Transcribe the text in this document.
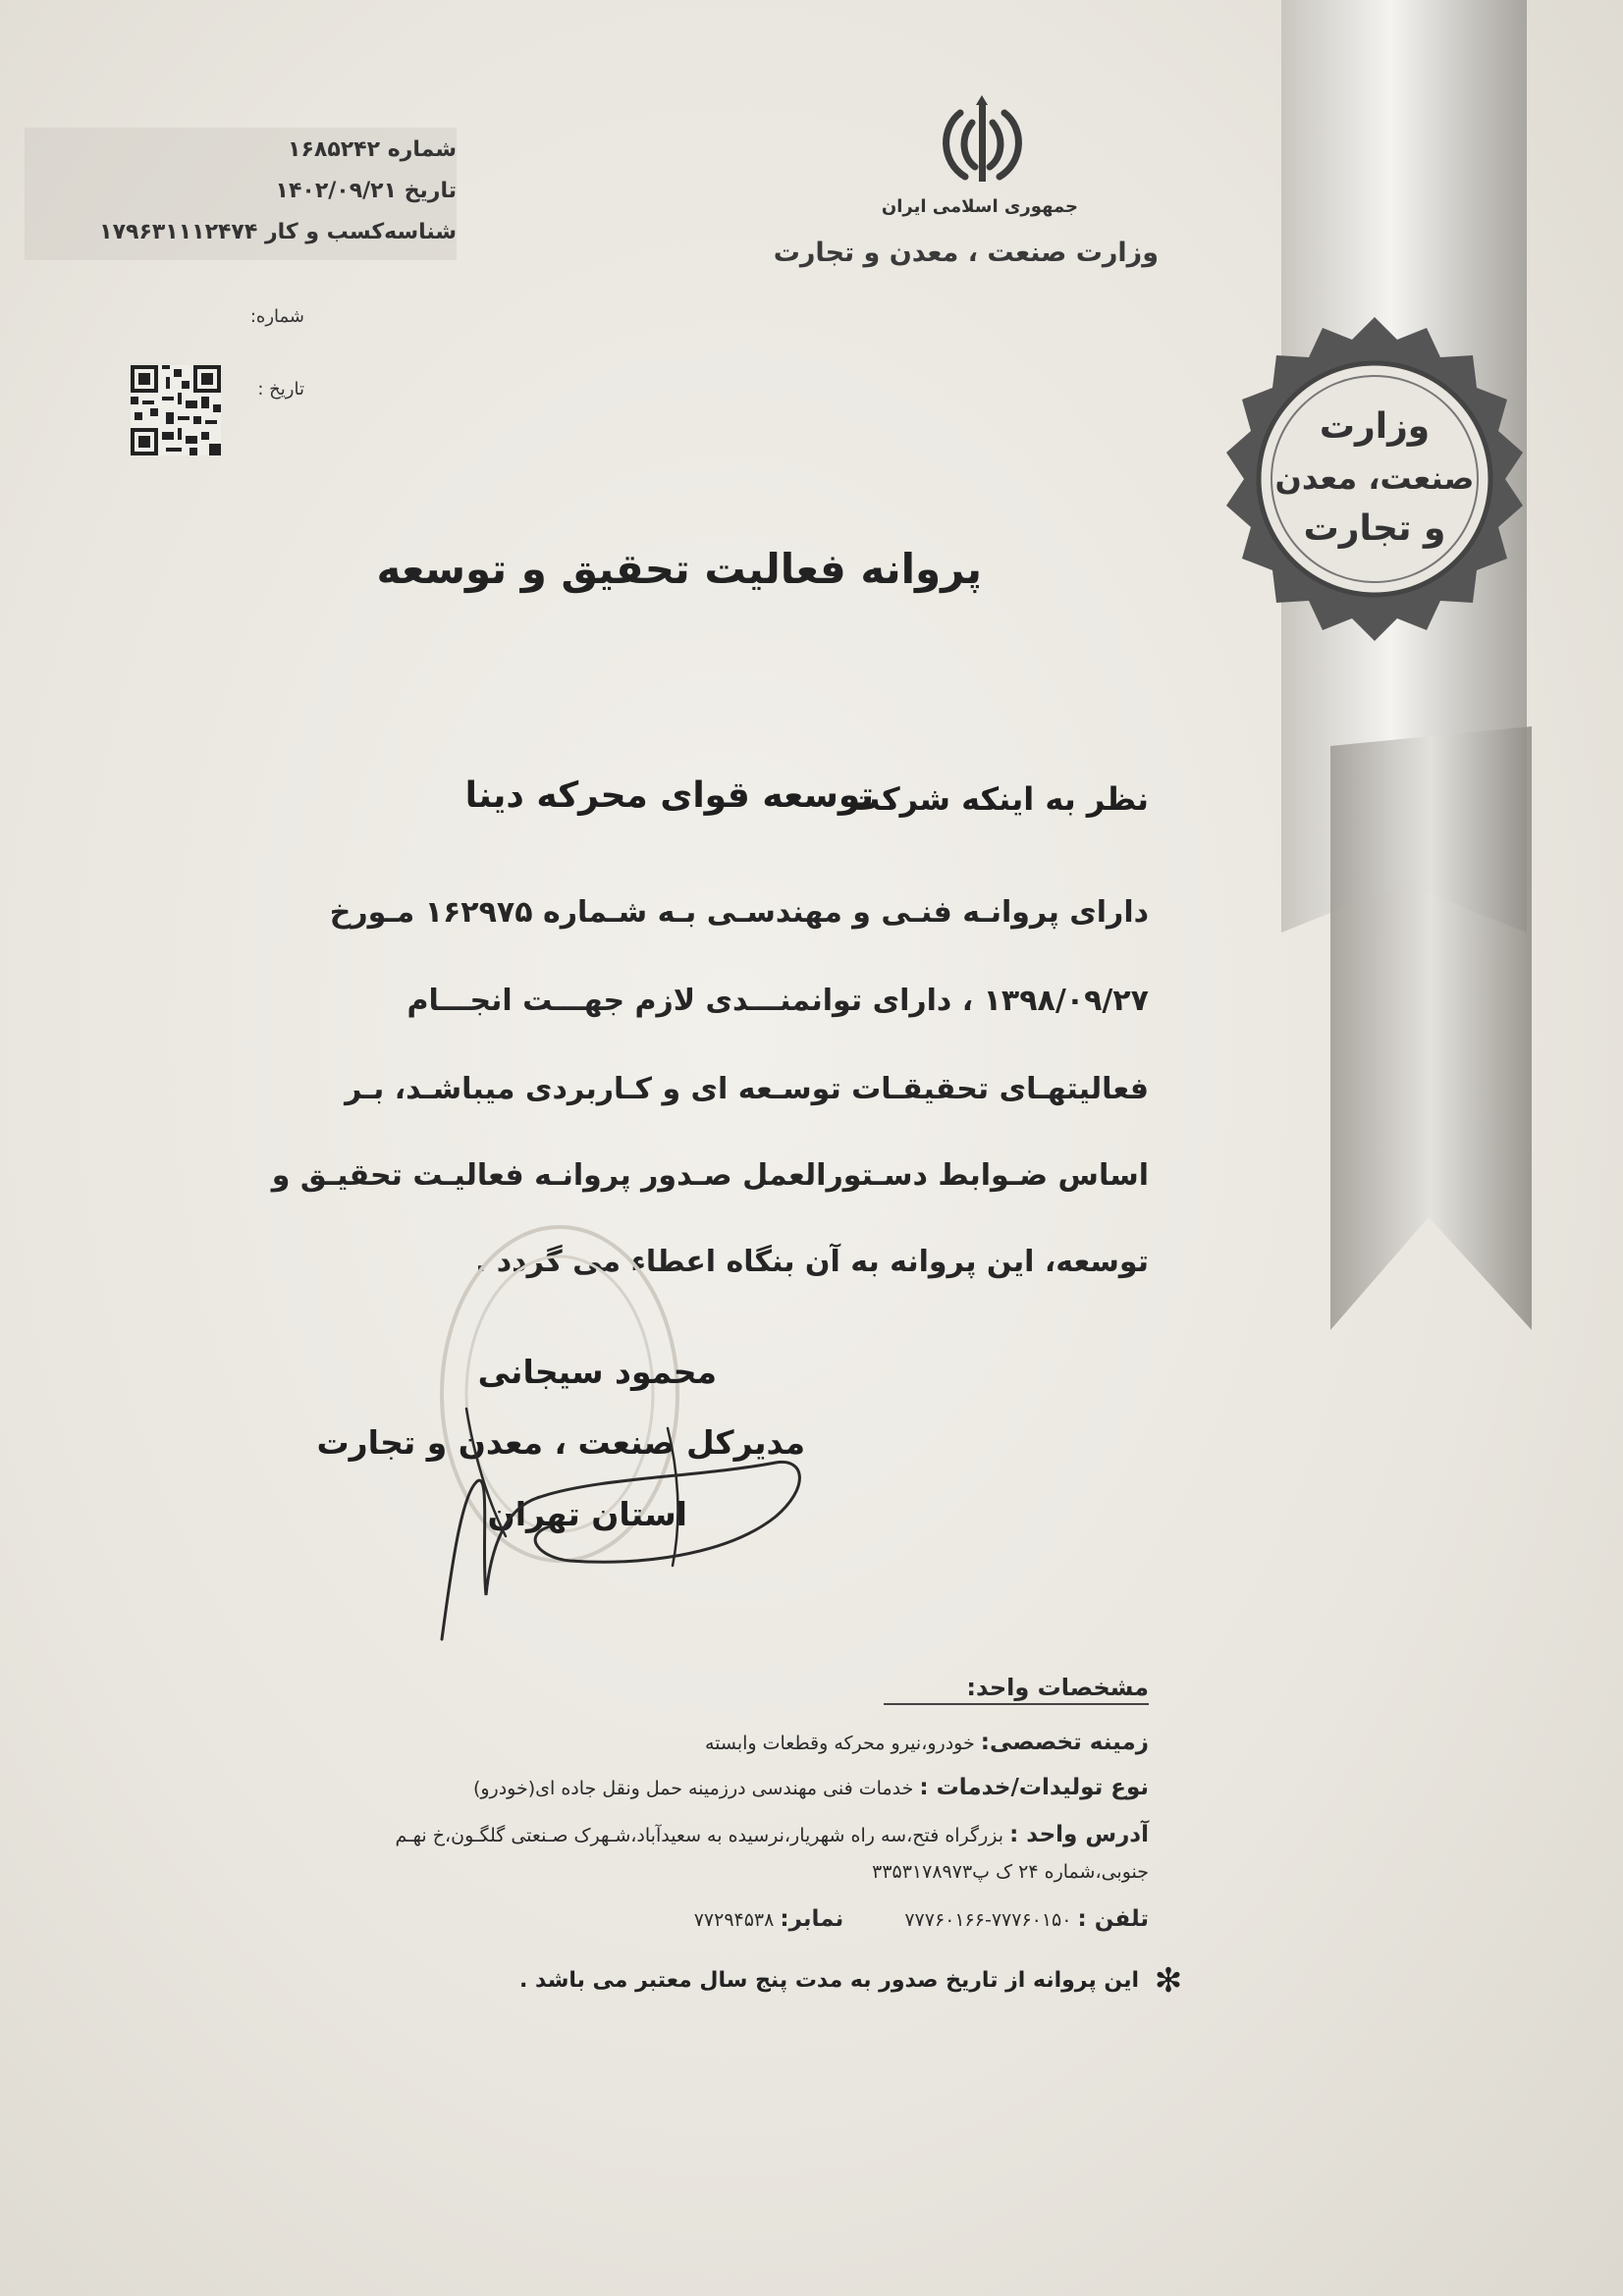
وزارت
صنعت، معدن
و تجارت
جمهوری اسلامی ایران
وزارت صنعت ، معدن و تجارت
شماره ۱۶۸۵۲۴۲
تاریخ ۱۴۰۲/۰۹/۲۱
شناسه‌کسب و کار ۱۷۹۶۳۱۱۱۲۴۷۴
شماره:
تاریخ :
پروانه فعالیت تحقیق و توسعه
نظر به اینکه شرکت
توسعه قوای محرکه دینا
دارای پروانـه فنـی و مهندسـی بـه شـماره ۱۶۲۹۷۵ مـورخ
۱۳۹۸/۰۹/۲۷ ، دارای توانمنـــدی لازم جهـــت انجـــام
فعالیتهـای تحقیقـات توسـعه ای و کـاربردی میباشـد، بـر
اساس ضـوابط دسـتورالعمل صـدور پروانـه فعالیـت تحقیـق و
توسعه، این پروانه به آن بنگاه اعطاء می گردد .
محمود سیجانی
مدیرکل صنعت ، معدن و تجارت
استان تهران
مشخصات واحد:
زمینه تخصصی: خودرو،نیرو محرکه وقطعات وابسته
نوع تولیدات/خدمات : خدمات فنی مهندسی درزمینه حمل ونقل جاده ای(خودرو)
آدرس واحد : بزرگراه فتح،سه راه شهریار،نرسیده به سعیدآباد،شـهرک صـنعتی گلگـون،خ نهـم
جنوبی،شماره ۲۴ ک پ۳۳۵۳۱۷۸۹۷۳
تلفن : ۷۷۷۶۰۱۵۰-۷۷۷۶۰۱۶۶  نمابر: ۷۷۲۹۴۵۳۸
✻
این پروانه از تاریخ صدور به مدت پنج سال معتبر می باشد .
